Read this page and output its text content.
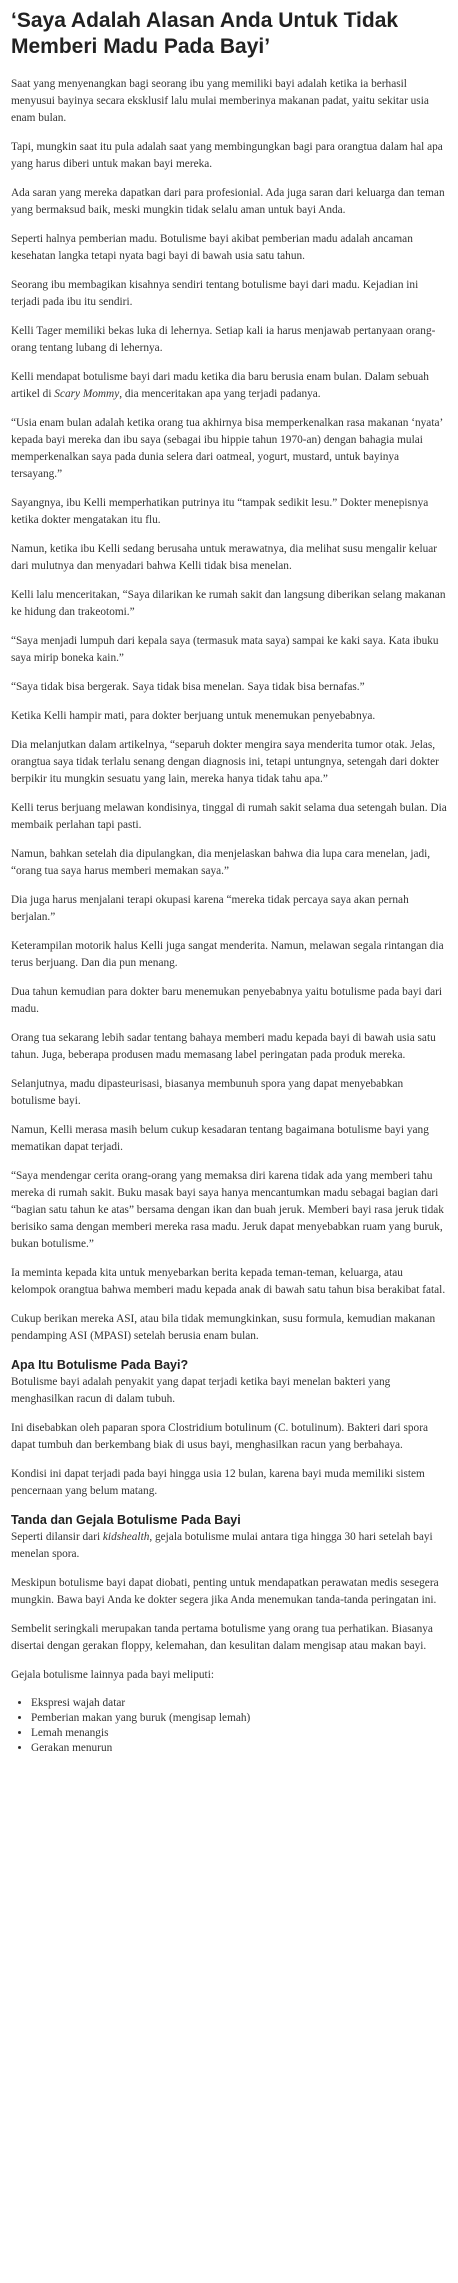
‘Saya Adalah Alasan Anda Untuk Tidak Memberi Madu Pada Bayi’

Saat yang menyenangkan bagi seorang ibu yang memiliki bayi adalah ketika ia berhasil menyusui bayinya secara eksklusif lalu mulai memberinya makanan padat, yaitu sekitar usia enam bulan.

Tapi, mungkin saat itu pula adalah saat yang membingungkan bagi para orangtua dalam hal apa yang harus diberi untuk makan bayi mereka.

Ada saran yang mereka dapatkan dari para profesionial. Ada juga saran dari keluarga dan teman yang bermaksud baik, meski mungkin tidak selalu aman untuk bayi Anda.

Seperti halnya pemberian madu. Botulisme bayi akibat pemberian madu adalah ancaman kesehatan langka tetapi nyata bagi bayi di bawah usia satu tahun.

Seorang ibu membagikan kisahnya sendiri tentang botulisme bayi dari madu. Kejadian ini terjadi pada ibu itu sendiri.

Kelli Tager memiliki bekas luka di lehernya. Setiap kali ia harus menjawab pertanyaan orang-orang tentang lubang di lehernya.

Kelli mendapat botulisme bayi dari madu ketika dia baru berusia enam bulan. Dalam sebuah artikel di Scary Mommy, dia menceritakan apa yang terjadi padanya.

“Usia enam bulan adalah ketika orang tua akhirnya bisa memperkenalkan rasa makanan ‘nyata’ kepada bayi mereka dan ibu saya (sebagai ibu hippie tahun 1970-an) dengan bahagia mulai memperkenalkan saya pada dunia selera dari oatmeal, yogurt, mustard, untuk bayinya tersayang.”

Sayangnya, ibu Kelli memperhatikan putrinya itu “tampak sedikit lesu.” Dokter menepisnya ketika dokter mengatakan itu flu.

Namun, ketika ibu Kelli sedang berusaha untuk merawatnya, dia melihat susu mengalir keluar dari mulutnya dan menyadari bahwa Kelli tidak bisa menelan.

Kelli lalu menceritakan, “Saya dilarikan ke rumah sakit dan langsung diberikan selang makanan ke hidung dan trakeotomi.”

“Saya menjadi lumpuh dari kepala saya (termasuk mata saya) sampai ke kaki saya. Kata ibuku saya mirip boneka kain.”

“Saya tidak bisa bergerak. Saya tidak bisa menelan. Saya tidak bisa bernafas.”

Ketika Kelli hampir mati, para dokter berjuang untuk menemukan penyebabnya.

Dia melanjutkan dalam artikelnya, “separuh dokter mengira saya menderita tumor otak. Jelas, orangtua saya tidak terlalu senang dengan diagnosis ini, tetapi untungnya, setengah dari dokter berpikir itu mungkin sesuatu yang lain, mereka hanya tidak tahu apa.”

Kelli terus berjuang melawan kondisinya, tinggal di rumah sakit selama dua setengah bulan. Dia membaik perlahan tapi pasti.

Namun, bahkan setelah dia dipulangkan, dia menjelaskan bahwa dia lupa cara menelan, jadi, “orang tua saya harus memberi memakan saya.”

Dia juga harus menjalani terapi okupasi karena “mereka tidak percaya saya akan pernah berjalan.”

Keterampilan motorik halus Kelli juga sangat menderita. Namun, melawan segala rintangan dia terus berjuang. Dan dia pun menang.

Dua tahun kemudian para dokter baru menemukan penyebabnya yaitu botulisme pada bayi dari madu.

Orang tua sekarang lebih sadar tentang bahaya memberi madu kepada bayi di bawah usia satu tahun. Juga, beberapa produsen madu memasang label peringatan pada produk mereka.

Selanjutnya, madu dipasteurisasi, biasanya membunuh spora yang dapat menyebabkan botulisme bayi.

Namun, Kelli merasa masih belum cukup kesadaran tentang bagaimana botulisme bayi yang mematikan dapat terjadi.

“Saya mendengar cerita orang-orang yang memaksa diri karena tidak ada yang memberi tahu mereka di rumah sakit. Buku masak bayi saya hanya mencantumkan madu sebagai bagian dari “bagian satu tahun ke atas” bersama dengan ikan dan buah jeruk. Memberi bayi rasa jeruk tidak berisiko sama dengan memberi mereka rasa madu. Jeruk dapat menyebabkan ruam yang buruk, bukan botulisme.”

Ia meminta kepada kita untuk menyebarkan berita kepada teman-teman, keluarga, atau kelompok orangtua bahwa memberi madu kepada anak di bawah satu tahun bisa berakibat fatal.

Cukup berikan mereka ASI, atau bila tidak memungkinkan, susu formula, kemudian makanan pendamping ASI (MPASI) setelah berusia enam bulan.

Apa Itu Botulisme Pada Bayi?

Botulisme bayi adalah penyakit yang dapat terjadi ketika bayi menelan bakteri yang menghasilkan racun di dalam tubuh.

Ini disebabkan oleh paparan spora Clostridium botulinum (C. botulinum). Bakteri dari spora dapat tumbuh dan berkembang biak di usus bayi, menghasilkan racun yang berbahaya.

Kondisi ini dapat terjadi pada bayi hingga usia 12 bulan, karena bayi muda memiliki sistem pencernaan yang belum matang.

Tanda dan Gejala Botulisme Pada Bayi

Seperti dilansir dari kidshealth, gejala botulisme mulai antara tiga hingga 30 hari setelah bayi menelan spora.

Meskipun botulisme bayi dapat diobati, penting untuk mendapatkan perawatan medis sesegera mungkin. Bawa bayi Anda ke dokter segera jika Anda menemukan tanda-tanda peringatan ini.

Sembelit seringkali merupakan tanda pertama botulisme yang orang tua perhatikan. Biasanya disertai dengan gerakan floppy, kelemahan, dan kesulitan dalam mengisap atau makan bayi.

Gejala botulisme lainnya pada bayi meliputi:

• Ekspresi wajah datar
• Pemberian makan yang buruk (mengisap lemah)
• Lemah menangis
• Gerakan menurun
